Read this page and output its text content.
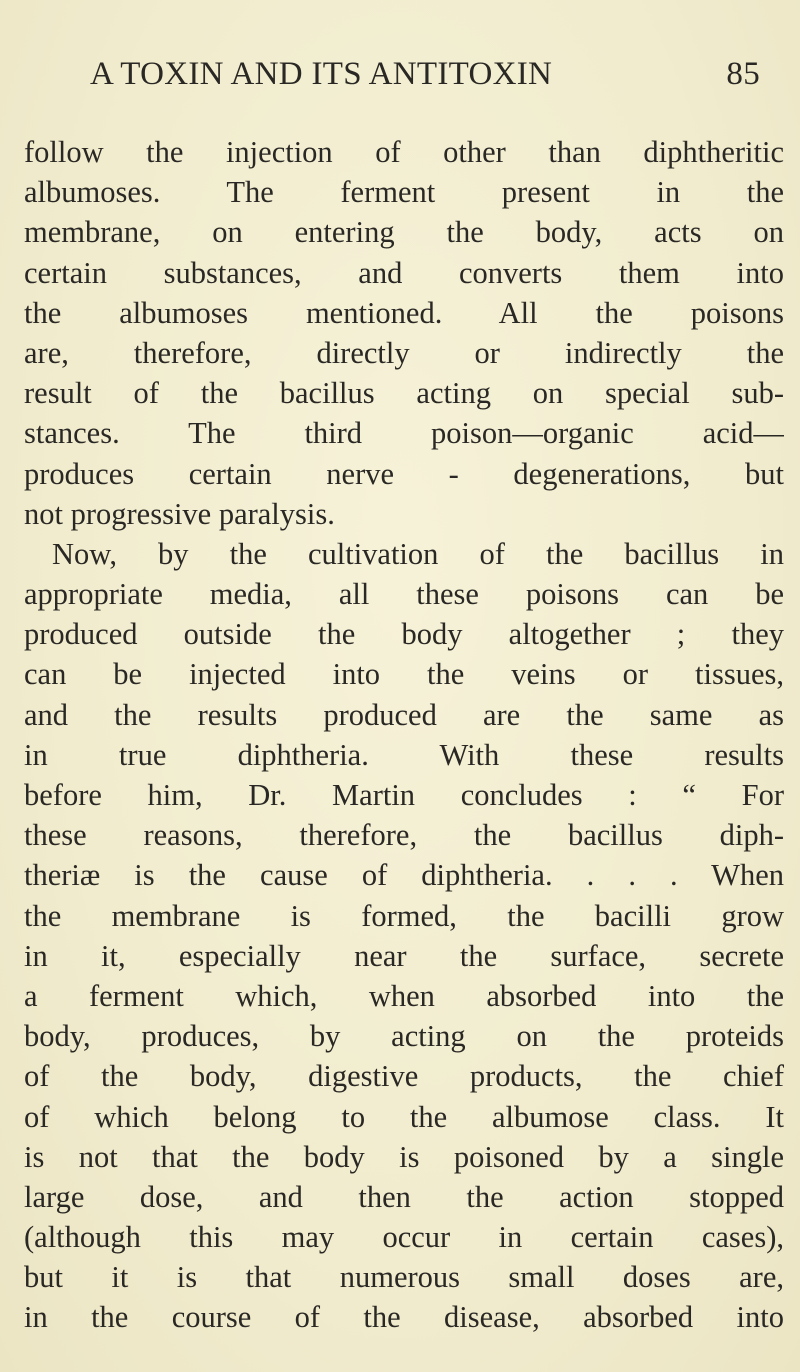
A TOXIN AND ITS ANTITOXIN	85
follow the injection of other than diphtheritic
albumoses. The ferment present in the
membrane, on entering the body, acts on
certain substances, and converts them into
the albumoses mentioned. All the poisons
are, therefore, directly or indirectly the
result of the bacillus acting on special sub-
stances. The third poison—organic acid—
produces certain nerve - degenerations, but
not progressive paralysis.
Now, by the cultivation of the bacillus in
appropriate media, all these poisons can be
produced outside the body altogether ; they
can be injected into the veins or tissues,
and the results produced are the same as
in true diphtheria. With these results
before him, Dr. Martin concludes : “ For
these reasons, therefore, the bacillus diph-
theriæ is the cause of diphtheria. . . . When
the membrane is formed, the bacilli grow
in it, especially near the surface, secrete
a ferment which, when absorbed into the
body, produces, by acting on the proteids
of the body, digestive products, the chief
of which belong to the albumose class. It
is not that the body is poisoned by a single
large dose, and then the action stopped
(although this may occur in certain cases),
but it is that numerous small doses are,
in the course of the disease, absorbed into
